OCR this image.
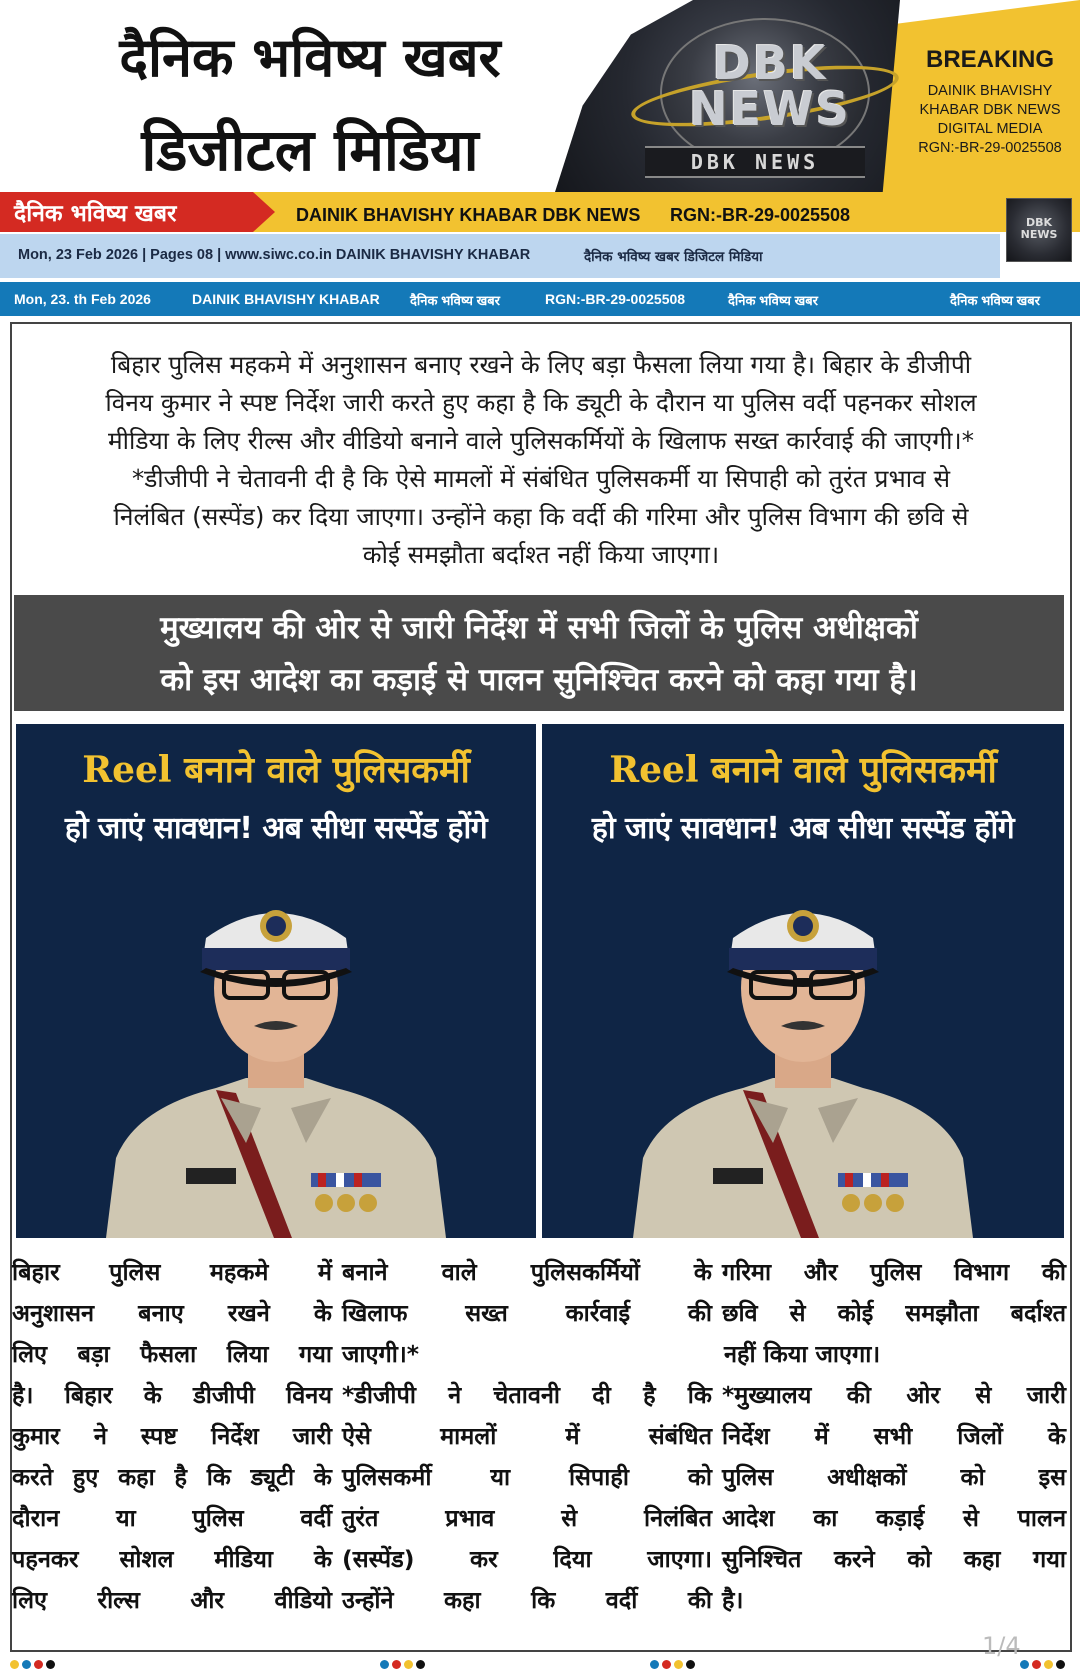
दैनिक भविष्य खबर
डिजीटल मिडिया
DBK
NEWS
DBK NEWS
BREAKING
DAINIK BHAVISHY
KHABAR DBK NEWS
DIGITAL MEDIA
RGN:-BR-29-0025508
दैनिक भविष्य खबर	DAINIK BHAVISHY KHABAR DBK NEWS RGN:-BR-29-0025508	DBK NEWS
Mon, 23 Feb 2026 | Pages 08 | www.siwc.co.in DAINIK BHAVISHY KHABAR	दैनिक भविष्य खबर डिजिटल मिडिया
Mon, 23. th Feb 2026	DAINIK BHAVISHY KHABAR दैनिक भविष्य खबर	RGN:-BR-29-0025508	दैनिक भविष्य खबर	दैनिक भविष्य खबर
बिहार पुलिस महकमे में अनुशासन बनाए रखने के लिए बड़ा फैसला लिया गया है। बिहार के डीजीपी
विनय कुमार ने स्पष्ट निर्देश जारी करते हुए कहा है कि ड्यूटी के दौरान या पुलिस वर्दी पहनकर सोशल
मीडिया के लिए रील्स और वीडियो बनाने वाले पुलिसकर्मियों के खिलाफ सख्त कार्रवाई की जाएगी।*
*डीजीपी ने चेतावनी दी है कि ऐसे मामलों में संबंधित पुलिसकर्मी या सिपाही को तुरंत प्रभाव से
निलंबित (सस्पेंड) कर दिया जाएगा। उन्होंने कहा कि वर्दी की गरिमा और पुलिस विभाग की छवि से
कोई समझौता बर्दाश्त नहीं किया जाएगा।
मुख्यालय की ओर से जारी निर्देश में सभी जिलों के पुलिस अधीक्षकों
को इस आदेश का कड़ाई से पालन सुनिश्चित करने को कहा गया है।
Reel बनाने वाले पुलिसकर्मी
हो जाएं सावधान! अब सीधा सस्पेंड होंगे
Reel बनाने वाले पुलिसकर्मी
हो जाएं सावधान! अब सीधा सस्पेंड होंगे
बिहार पुलिस महकमे में
अनुशासन बनाए रखने के
लिए बड़ा फैसला लिया गया
है। बिहार के डीजीपी विनय
कुमार ने स्पष्ट निर्देश जारी
करते हुए कहा है कि ड्यूटी के
दौरान या पुलिस वर्दी
पहनकर सोशल मीडिया के
लिए रील्स और वीडियो
बनाने वाले पुलिसकर्मियों के
खिलाफ सख्त कार्रवाई की
जाएगी।*
*डीजीपी ने चेतावनी दी है कि
ऐसे	मामलों	में	संबंधित
पुलिसकर्मी	या	सिपाही	को
तुरंत	प्रभाव	से	निलंबित
(सस्पेंड) कर दिया जाएगा।
उन्होंने कहा कि वर्दी की
गरिमा और पुलिस विभाग की
छवि से कोई समझौता बर्दाश्त
नहीं किया जाएगा।
*मुख्यालय की ओर से जारी
निर्देश में सभी जिलों के
पुलिस अधीक्षकों को इस
आदेश का कड़ाई से पालन
सुनिश्चित करने को कहा गया
है।
1/4
